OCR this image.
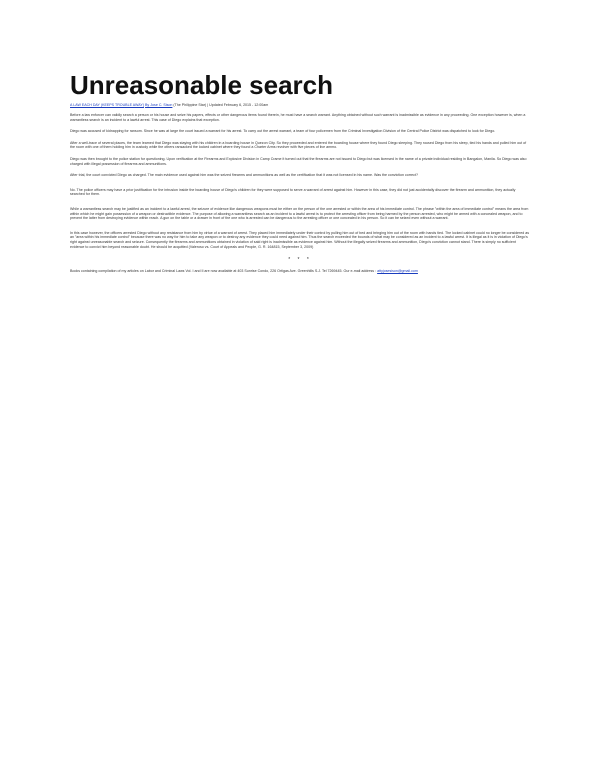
Unreasonable search
A LAW EACH DAY (KEEPS TROUBLE AWAY) By Jose C. Sison (The Philippine Star) | Updated February 6, 2015 - 12:00am

Before a law enforcer can validly search a person or his house and seize his papers, effects or other dangerous items found therein, he must have a search warrant. Anything obtained without such warrant is inadmissible as evidence in any proceeding. One exception however is, when a warrantless search is an incident to a lawful arrest. This case of Diego explains that exception.

Diego was accused of kidnapping for ransom. Since he was at large the court issued a warrant for his arrest. To carry out the arrest warrant, a team of four policemen from the Criminal Investigation Division of the Central Police District was dispatched to look for Diego.

After a well-trace of several places, the team learned that Diego was staying with his children in a boarding house in Quezon City. So they proceeded and entered the boarding house where they found Diego sleeping. They roused Diego from his sleep, tied his hands and pulled him out of the room with one of them holding him in custody while the others ransacked the locked cabinet where they found a Charter Arms revolver with five pieces of live ammo.

Diego was then brought to the police station for questioning. Upon verification at the Firearms and Explosive Division in Camp Crame it turned out that the firearms are not issued to Diego but was licensed in the name of a private individual residing in Bangalon, Manila. So Diego was also charged with illegal possession of firearms and ammunitions.

After trial, the court convicted Diego as charged. The main evidence used against him was the seized firearms and ammunitions as well as the certification that it was not licensed in his name. Was the conviction correct?

No. The police officers may have a prior justification for the intrusion inside the boarding house of Diego's children for they were supposed to serve a warrant of arrest against him. However in this case, they did not just accidentally discover the firearm and ammunition, they actually searched for them.

While a warrantless search may be justified as an incident to a lawful arrest, the seizure of evidence like dangerous weapons must be either on the person of the one arrested or within the area of his immediate control. The phrase "within the area of immediate control" means the area from within which he might gain possession of a weapon or destructible evidence. The purpose of allowing a warrantless search as an incident to a lawful arrest is to protect the arresting officer from being harmed by the person arrested, who might be armed with a concealed weapon, and to prevent the latter from destroying evidence within reach. A gun on the table or a drawer in front of the one who is arrested can be dangerous to the arresting officer or one concealed in his person. So it can be seized even without a warrant.

In this case however, the officers arrested Diego without any resistance from him by virtue of a warrant of arrest. They placed him immediately under their control by pulling him out of bed and bringing him out of the room with hands tied. The locked cabinet could no longer be considered as an "area within his immediate control" because there was no way for him to take any weapon or to destroy any evidence they could need against him. Thus the search exceeded the bounds of what may be considered as an incident to a lawful arrest. It is illegal as it is in violation of Diego's right against unreasonable search and seizure. Consequently the firearms and ammunitions obtained in violation of said right is inadmissible as evidence against him. Without the illegally seized firearms and ammunition, Diego's conviction cannot stand. There is simply no sufficient evidence to convict him beyond reasonable doubt. He should be acquitted (Valeroso vs. Court of Appeals and People, G. R. 164815, September 3, 2009)

* * *

Books containing compilation of my articles on Labor and Criminal Laws Vol. I and II are now available at 403 Sunrise Condo, 226 Ortigas Ave. Greenhills S.J. Tel 7269445. Our e-mail address : attyjosesison@gmail.com
